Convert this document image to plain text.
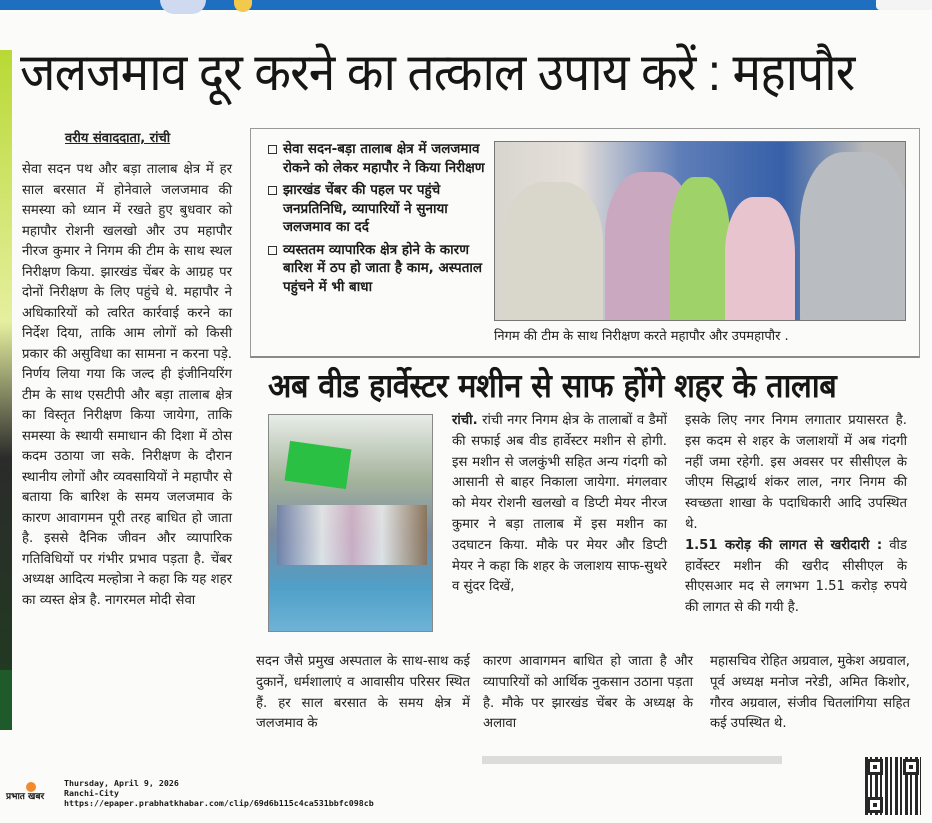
जलजमाव दूर करने का तत्काल उपाय करें : महापौर
वरीय संवाददाता, रांची
सेवा सदन पथ और बड़ा तालाब क्षेत्र में हर साल बरसात में होनेवाले जलजमाव की समस्या को ध्यान में रखते हुए बुधवार को महापौर रोशनी खलखो और उप महापौर नीरज कुमार ने निगम की टीम के साथ स्थल निरीक्षण किया. झारखंड चेंबर के आग्रह पर दोनों निरीक्षण के लिए पहुंचे थे. महापौर ने अधिकारियों को त्वरित कार्रवाई करने का निर्देश दिया, ताकि आम लोगों को किसी प्रकार की असुविधा का सामना न करना पड़े. निर्णय लिया गया कि जल्द ही इंजीनियरिंग टीम के साथ एसटीपी और बड़ा तालाब क्षेत्र का विस्तृत निरीक्षण किया जायेगा, ताकि समस्या के स्थायी समाधान की दिशा में ठोस कदम उठाया जा सके. निरीक्षण के दौरान स्थानीय लोगों और व्यवसायियों ने महापौर से बताया कि बारिश के समय जलजमाव के कारण आवागमन पूरी तरह बाधित हो जाता है. इससे दैनिक जीवन और व्यापारिक गतिविधियों पर गंभीर प्रभाव पड़ता है. चेंबर अध्यक्ष आदित्य मल्होत्रा ने कहा कि यह शहर का व्यस्त क्षेत्र है. नागरमल मोदी सेवा
सेवा सदन-बड़ा तालाब क्षेत्र में जलजमाव रोकने को लेकर महापौर ने किया निरीक्षण
झारखंड चेंबर की पहल पर पहुंचे जनप्रतिनिधि, व्यापारियों ने सुनाया जलजमाव का दर्द
व्यस्ततम व्यापारिक क्षेत्र होने के कारण बारिश में ठप हो जाता है काम, अस्पताल पहुंचने में भी बाधा
निगम की टीम के साथ निरीक्षण करते महापौर और उपमहापौर .
अब वीड हार्वेस्टर मशीन से साफ होंगे शहर के तालाब
रांची. रांची नगर निगम क्षेत्र के तालाबों व डैमों की सफाई अब वीड हार्वेस्टर मशीन से होगी. इस मशीन से जलकुंभी सहित अन्य गंदगी को आसानी से बाहर निकाला जायेगा. मंगलवार को मेयर रोशनी खलखो व डिप्टी मेयर नीरज कुमार ने बड़ा तालाब में इस मशीन का उदघाटन किया. मौके पर मेयर और डिप्टी मेयर ने कहा कि शहर के जलाशय साफ-सुथरे व सुंदर दिखें,
इसके लिए नगर निगम लगातार प्रयासरत है. इस कदम से शहर के जलाशयों में अब गंदगी नहीं जमा रहेगी. इस अवसर पर सीसीएल के जीएम सिद्धार्थ शंकर लाल, नगर निगम की स्वच्छता शाखा के पदाधिकारी आदि उपस्थित थे.
1.51 करोड़ की लागत से खरीदारी : वीड हार्वेस्टर मशीन की खरीद सीसीएल के सीएसआर मद से लगभग 1.51 करोड़ रुपये की लागत से की गयी है.
सदन जैसे प्रमुख अस्पताल के साथ-साथ कई दुकानें, धर्मशालाएं व आवासीय परिसर स्थित हैं. हर साल बरसात के समय क्षेत्र में जलजमाव के
कारण आवागमन बाधित हो जाता है और व्यापारियों को आर्थिक नुकसान उठाना पड़ता है. मौके पर झारखंड चेंबर के अध्यक्ष के अलावा
महासचिव रोहित अग्रवाल, मुकेश अग्रवाल, पूर्व अध्यक्ष मनोज नरेडी, अमित किशोर, गौरव अग्रवाल, संजीव चितलांगिया सहित कई उपस्थित थे.
प्रभात खबर
Thursday, April 9, 2026
Ranchi-City
https://epaper.prabhatkhabar.com/clip/69d6b115c4ca531bbfc098cb
